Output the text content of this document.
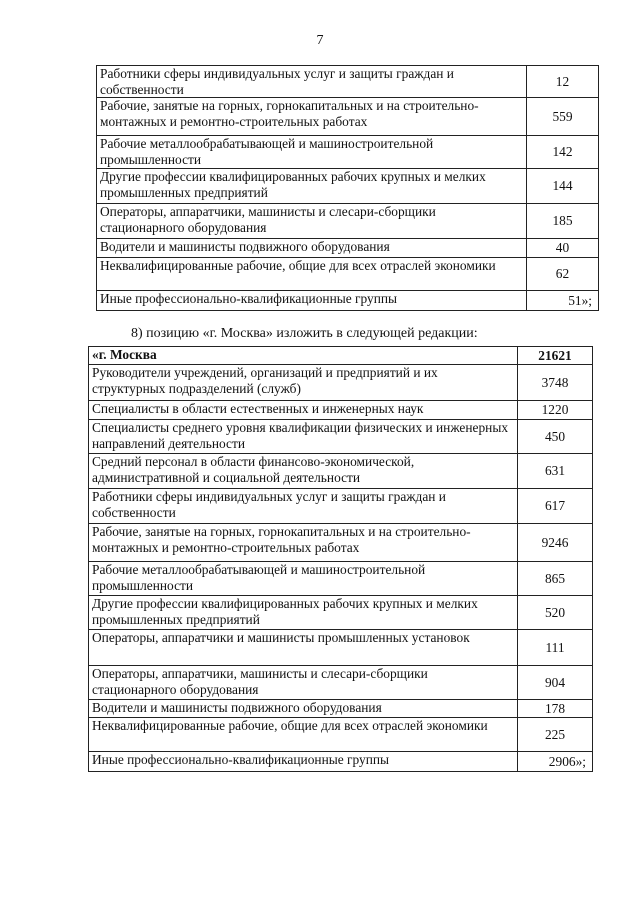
7
Работники сферы индивидуальных услуг и защиты граждан и собственности	12
Рабочие, занятые на горных, горнокапитальных и на строительно-монтажных и ремонтно-строительных работах	559
Рабочие металлообрабатывающей и машиностроительной промышленности	142
Другие профессии квалифицированных рабочих крупных и мелких промышленных предприятий	144
Операторы, аппаратчики, машинисты и слесари-сборщики стационарного оборудования	185
Водители и машинисты подвижного оборудования	40
Неквалифицированные рабочие, общие для всех отраслей экономики	62
Иные профессионально-квалификационные группы	51»;
8) позицию «г. Москва» изложить в следующей редакции:
«г. Москва	21621
Руководители учреждений, организаций и предприятий и их структурных подразделений (служб)	3748
Специалисты в области естественных и инженерных наук	1220
Специалисты среднего уровня квалификации физических и инженерных направлений деятельности	450
Средний персонал в области финансово-экономической, административной и социальной деятельности	631
Работники сферы индивидуальных услуг и защиты граждан и собственности	617
Рабочие, занятые на горных, горнокапитальных и на строительно-монтажных и ремонтно-строительных работах	9246
Рабочие металлообрабатывающей и машиностроительной промышленности	865
Другие профессии квалифицированных рабочих крупных и мелких промышленных предприятий	520
Операторы, аппаратчики и машинисты промышленных установок	111
Операторы, аппаратчики, машинисты и слесари-сборщики стационарного оборудования	904
Водители и машинисты подвижного оборудования	178
Неквалифицированные рабочие, общие для всех отраслей экономики	225
Иные профессионально-квалификационные группы	2906»;
